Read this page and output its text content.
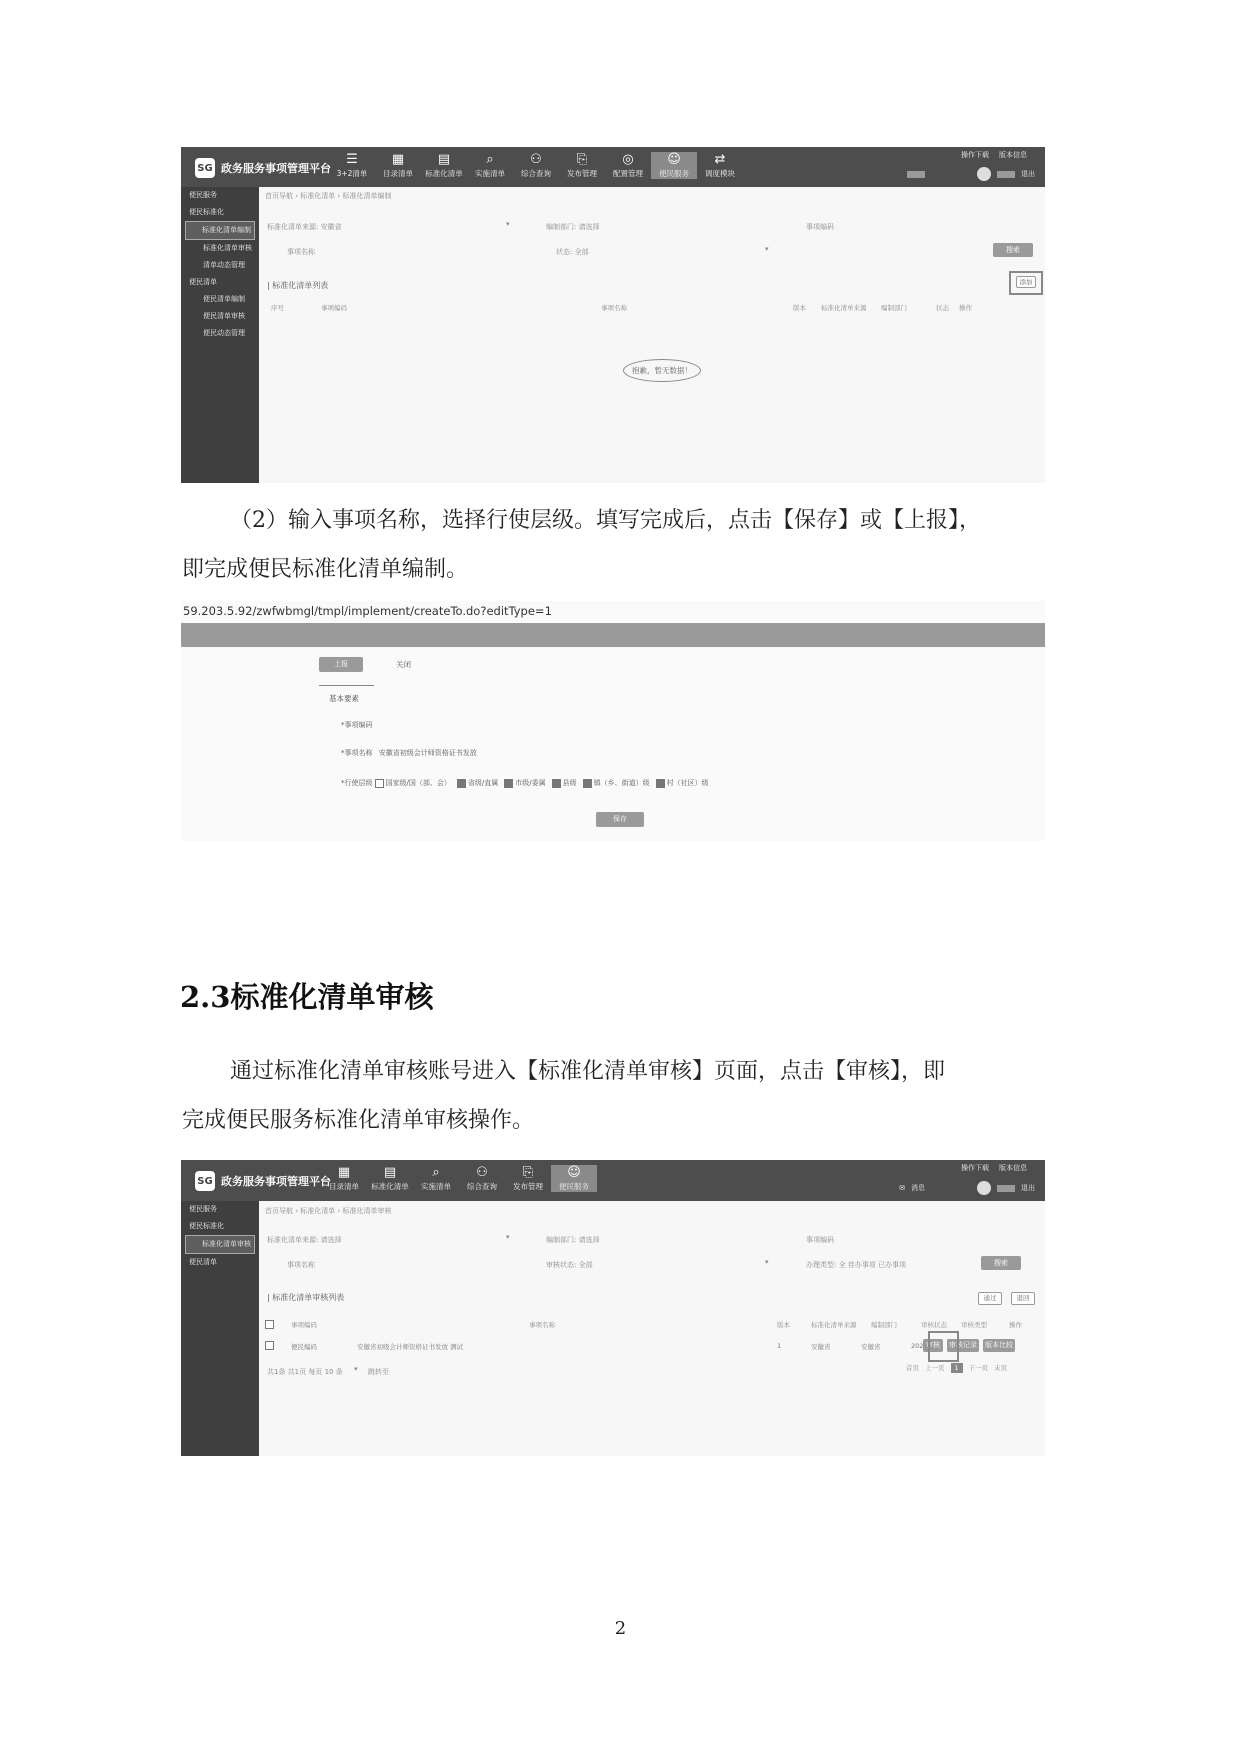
SG 政务服务事项管理平台
☰
3+2清单
▦
目录清单
▤
标准化清单
⌕
实施清单
⚇
综合查询
⎘
发布管理
◎
配置管理
☺
便民服务
⇄
调度模块
操作下载 版本信息
退出
便民服务
便民标准化
标准化清单编制
标准化清单审核
清单动态管理
便民清单
便民清单编制
便民清单审核
便民动态管理
首页导航 › 标准化清单 › 标准化清单编制
标准化清单来源: 安徽省	▾	编制部门: 请选择	事项编码
事项名称	状态: 全部	▾	搜索
| 标准化清单列表	添加
序号	事项编码	事项名称	版本 标准化清单来源 编制部门	状态 操作
抱歉，暂无数据！
（2）输入事项名称，选择行使层级。填写完成后，点击【保存】或【上报】，
即完成便民标准化清单编制。
59.203.5.92/zwfwbmgl/tmpl/implement/createTo.do?editType=1
上报	关闭
基本要素
*事项编码
*事项名称 安徽省初级会计师资格证书发放
*行使层级 国家级/国（部、会） 省级/直属 市级/委属 县级 镇（乡、街道）级 村（社区）级
保存
2.3标准化清单审核
通过标准化清单审核账号进入【标准化清单审核】页面，点击【审核】，即
完成便民服务标准化清单审核操作。
SG 政务服务事项管理平台
▦
目录清单
▤
标准化清单
⌕
实施清单
⚇
综合查询
⎘
发布管理
☺
便民服务
操作下载 版本信息
✉ 消息	退出
便民服务
便民标准化
标准化清单审核
便民清单
首页导航 › 标准化清单 › 标准化清单审核
标准化清单来源: 请选择	▾	编制部门: 请选择	事项编码
事项名称	审核状态: 全部	▾	办理类型: 全 待办事项 已办事项	搜索
| 标准化清单审核列表	通过	退回
事项编码	事项名称	版本	标准化清单来源 编制部门	审核状态 审核类型	操作
便民编码	安徽省初级会计师资格证书发放 测试	1	安徽省	安徽省	202 审核	审核记录 版本比较
共1条 共1页 每页 10 条 ▾ 跳转至	首页 上一页	1	下一页 末页
2
